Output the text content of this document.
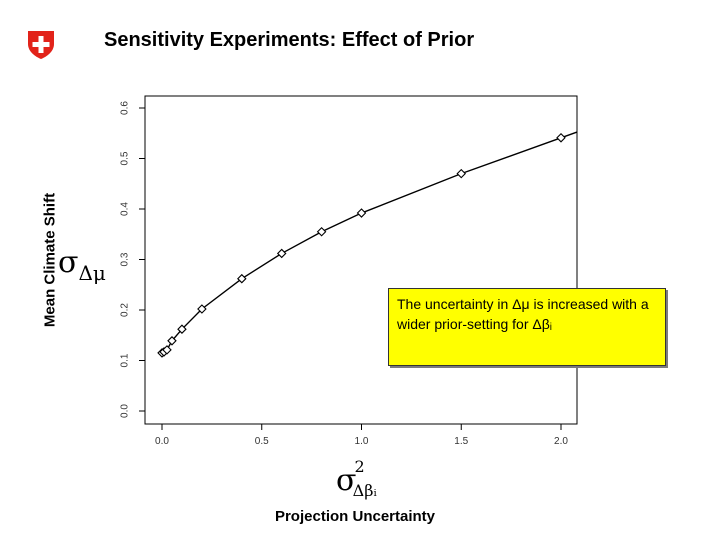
Sensitivity Experiments: Effect of Prior
Mean Climate Shift
0.0	0.5	1.0	1.5	2.0
0.0
0.1
0.2
0.3
0.4
0.5
0.6
$\sigma_{\Delta\mu}$
σ2 Δβᵢ
Projection Uncertainty
The uncertainty in Δμ is increased with a wider prior-setting for Δβᵢ
